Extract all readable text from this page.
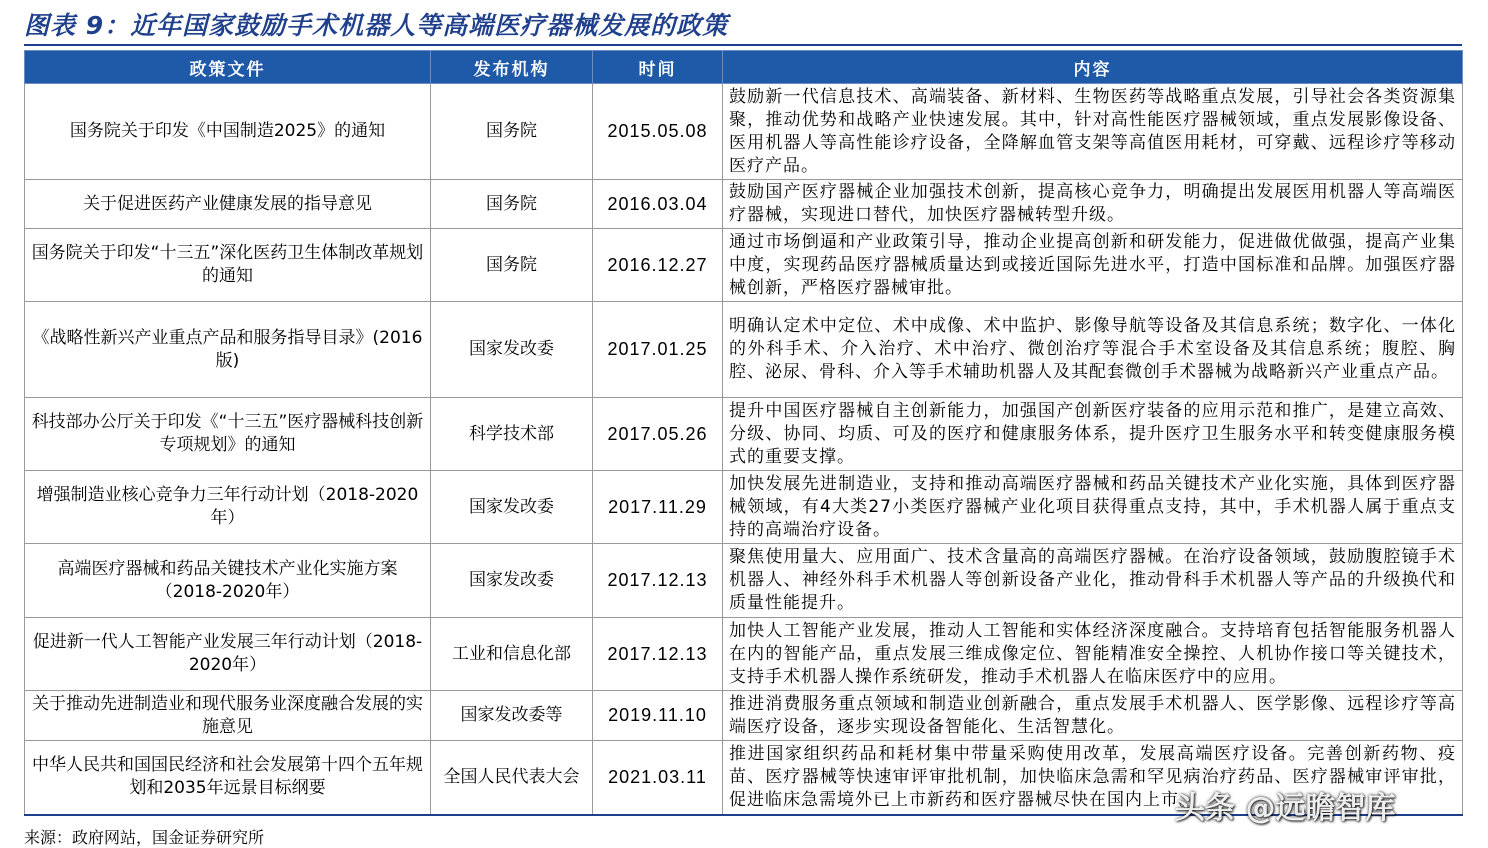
图表 9：近年国家鼓励手术机器人等高端医疗器械发展的政策
政策文件	发布机构	时间	内容
国务院关于印发《中国制造2025》的通知	国务院	2015.05.08	鼓励新一代信息技术、高端装备、新材料、生物医药等战略重点发展，引导社会各类资源集聚，推动优势和战略产业快速发展。其中，针对高性能医疗器械领域，重点发展影像设备、医用机器人等高性能诊疗设备，全降解血管支架等高值医用耗材，可穿戴、远程诊疗等移动医疗产品。
关于促进医药产业健康发展的指导意见	国务院	2016.03.04	鼓励国产医疗器械企业加强技术创新，提高核心竞争力，明确提出发展医用机器人等高端医疗器械，实现进口替代，加快医疗器械转型升级。
国务院关于印发“十三五”深化医药卫生体制改革规划的通知	国务院	2016.12.27	通过市场倒逼和产业政策引导，推动企业提高创新和研发能力，促进做优做强，提高产业集中度，实现药品医疗器械质量达到或接近国际先进水平，打造中国标准和品牌。加强医疗器械创新，严格医疗器械审批。
《战略性新兴产业重点产品和服务指导目录》(2016版)	国家发改委	2017.01.25	明确认定术中定位、术中成像、术中监护、影像导航等设备及其信息系统；数字化、一体化的外科手术、介入治疗、术中治疗、微创治疗等混合手术室设备及其信息系统；腹腔、胸腔、泌尿、骨科、介入等手术辅助机器人及其配套微创手术器械为战略新兴产业重点产品。
科技部办公厅关于印发《“十三五”医疗器械科技创新专项规划》的通知	科学技术部	2017.05.26	提升中国医疗器械自主创新能力，加强国产创新医疗装备的应用示范和推广，是建立高效、分级、协同、均质、可及的医疗和健康服务体系，提升医疗卫生服务水平和转变健康服务模式的重要支撑。
增强制造业核心竞争力三年行动计划（2018-2020年）	国家发改委	2017.11.29	加快发展先进制造业，支持和推动高端医疗器械和药品关键技术产业化实施，具体到医疗器械领域，有4大类27小类医疗器械产业化项目获得重点支持，其中，手术机器人属于重点支持的高端治疗设备。
高端医疗器械和药品关键技术产业化实施方案（2018-2020年）	国家发改委	2017.12.13	聚焦使用量大、应用面广、技术含量高的高端医疗器械。在治疗设备领域，鼓励腹腔镜手术机器人、神经外科手术机器人等创新设备产业化，推动骨科手术机器人等产品的升级换代和质量性能提升。
促进新一代人工智能产业发展三年行动计划（2018-2020年）	工业和信息化部	2017.12.13	加快人工智能产业发展，推动人工智能和实体经济深度融合。支持培育包括智能服务机器人在内的智能产品，重点发展三维成像定位、智能精准安全操控、人机协作接口等关键技术，支持手术机器人操作系统研发，推动手术机器人在临床医疗中的应用。
关于推动先进制造业和现代服务业深度融合发展的实施意见	国家发改委等	2019.11.10	推进消费服务重点领域和制造业创新融合，重点发展手术机器人、医学影像、远程诊疗等高端医疗设备，逐步实现设备智能化、生活智慧化。
中华人民共和国国民经济和社会发展第十四个五年规划和2035年远景目标纲要	全国人民代表大会	2021.03.11	推进国家组织药品和耗材集中带量采购使用改革，发展高端医疗设备。完善创新药物、疫苗、医疗器械等快速审评审批机制，加快临床急需和罕见病治疗药品、医疗器械审评审批，促进临床急需境外已上市新药和医疗器械尽快在国内上市。
来源：政府网站，国金证券研究所
头条 @远瞻智库
